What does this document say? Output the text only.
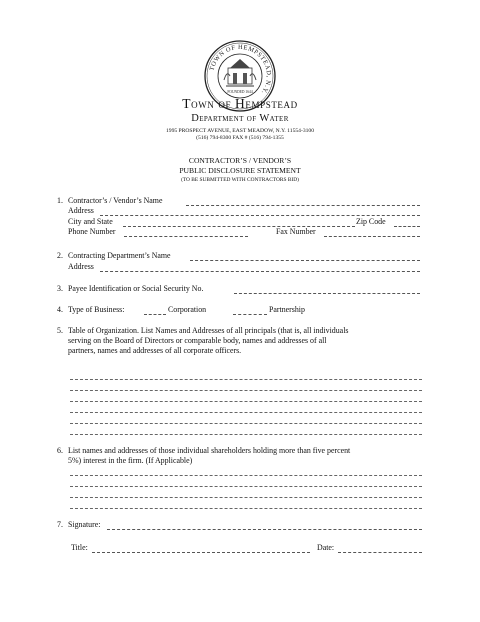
TOWN OF HEMPSTEAD, N.Y.
FOUNDED 1644
Town of Hempstead
Department of Water
1995 PROSPECT AVENUE, EAST MEADOW, N.Y. 11554-3100
(516) 794-8300 FAX # (516) 794-1355
CONTRACTOR’S / VENDOR’S
PUBLIC DISCLOSURE STATEMENT
(TO BE SUBMITTED WITH CONTRACTORS BID)
1. Contractor’s / Vendor’s Name
Address
City and State	Zip Code
Phone Number	Fax Number
2. Contracting Department’s Name
Address
3. Payee Identification or Social Security No.
4. Type of Business:	Corporation	Partnership
5. Table of Organization. List Names and Addresses of all principals (that is, all individuals
serving on the Board of Directors or comparable body, names and addresses of all
partners, names and addresses of all corporate officers.
6. List names and addresses of those individual shareholders holding more than five percent
5%) interest in the firm. (If Applicable)
7. Signature:
Title:	Date:
